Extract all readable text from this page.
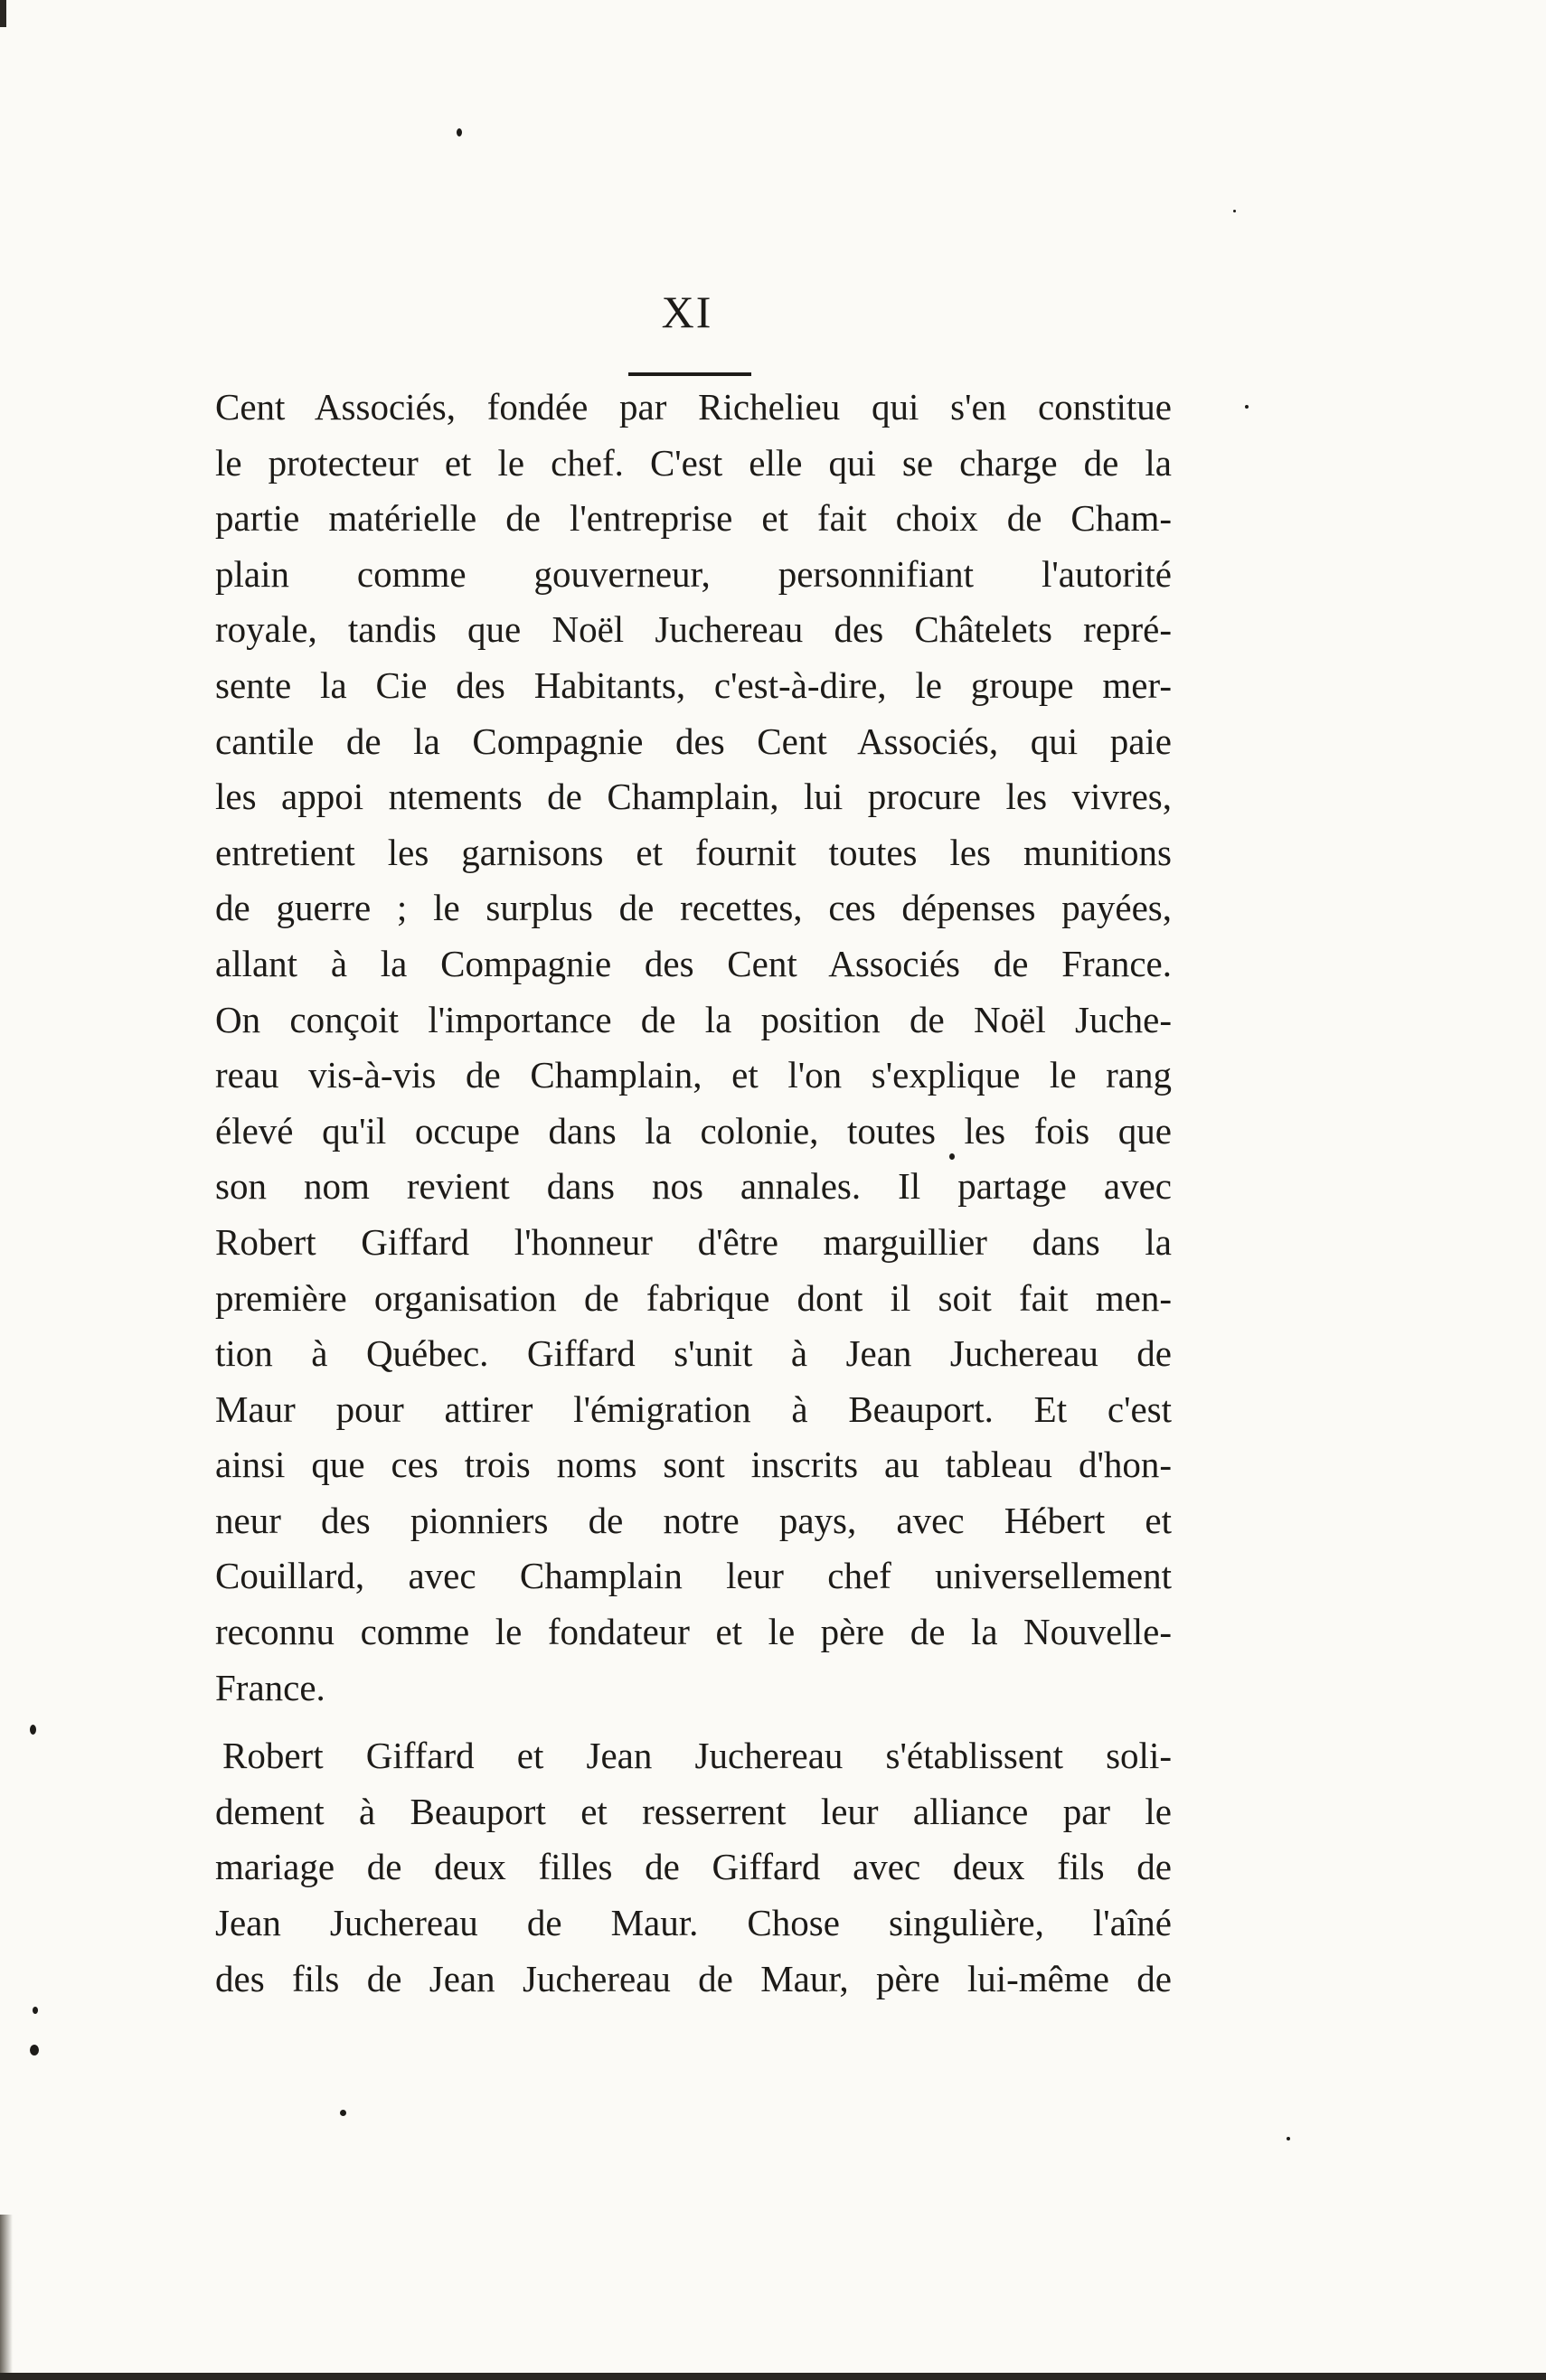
XI
Cent Associés, fondée par Richelieu qui s'en constitue
le protecteur et le chef. C'est elle qui se charge de la
partie matérielle de l'entreprise et fait choix de Cham-
plain comme gouverneur, personnifiant l'autorité
royale, tandis que Noël Juchereau des Châtelets repré-
sente la Cie des Habitants, c'est-à-dire, le groupe mer-
cantile de la Compagnie des Cent Associés, qui paie
les appoi ntements de Champlain, lui procure les vivres,
entretient les garnisons et fournit toutes les munitions
de guerre ; le surplus de recettes, ces dépenses payées,
allant à la Compagnie des Cent Associés de France.
On conçoit l'importance de la position de Noël Juche-
reau vis-à-vis de Champlain, et l'on s'explique le rang
élevé qu'il occupe dans la colonie, toutes les fois que
son nom revient dans nos annales. Il partage avec
Robert Giffard l'honneur d'être marguillier dans la
première organisation de fabrique dont il soit fait men-
tion à Québec. Giffard s'unit à Jean Juchereau de
Maur pour attirer l'émigration à Beauport. Et c'est
ainsi que ces trois noms sont inscrits au tableau d'hon-
neur des pionniers de notre pays, avec Hébert et
Couillard, avec Champlain leur chef universellement
reconnu comme le fondateur et le père de la Nouvelle-
France.
Robert Giffard et Jean Juchereau s'établissent soli-
dement à Beauport et resserrent leur alliance par le
mariage de deux filles de Giffard avec deux fils de
Jean Juchereau de Maur. Chose singulière, l'aîné
des fils de Jean Juchereau de Maur, père lui-même de
